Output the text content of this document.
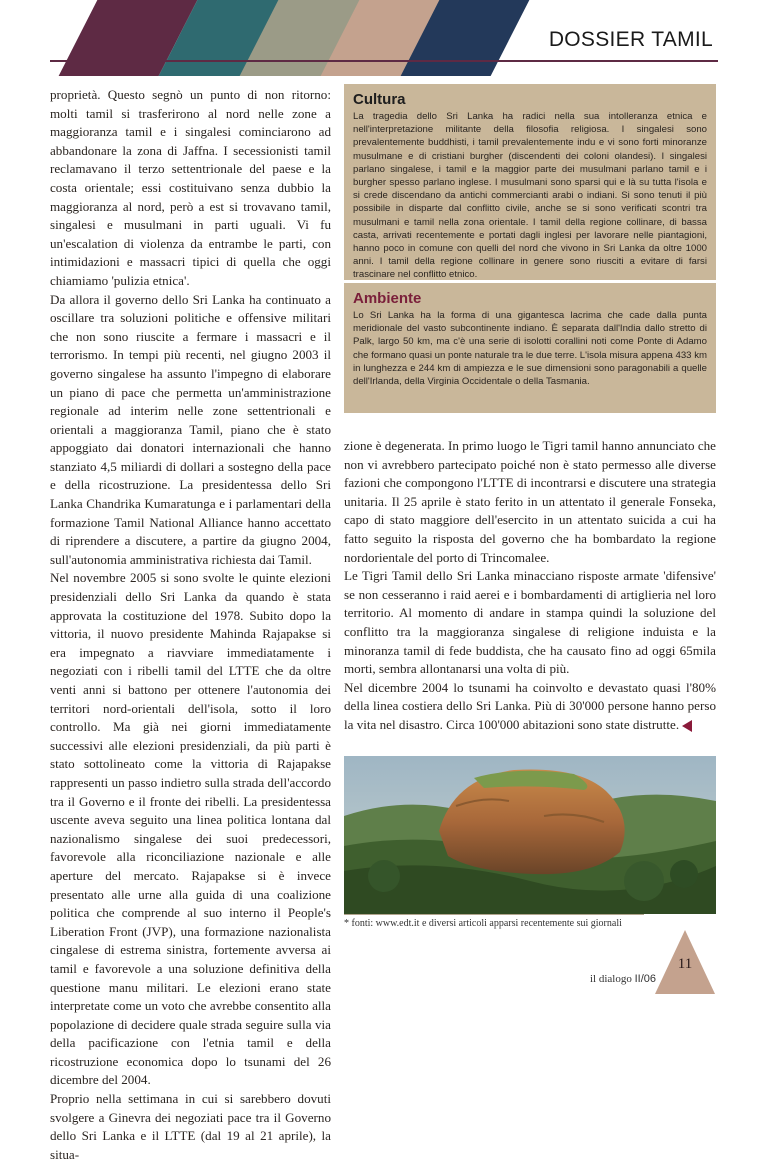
DOSSIER TAMIL

proprietà. Questo segnò un punto di non ritorno: molti tamil si trasferirono al nord nelle zone a maggioranza tamil e i singalesi cominciarono ad abbandonare la zona di Jaffna. I secessionisti tamil reclamavano il terzo settentrionale del paese e la costa orientale; essi costituivano senza dubbio la maggioranza al nord, però a est si trovavano tamil, singalesi e musulmani in parti uguali. Vi fu un'escalation di violenza da entrambe le parti, con intimidazioni e massacri tipici di quella che oggi chiamiamo 'pulizia etnica'.

Da allora il governo dello Sri Lanka ha continuato a oscillare tra soluzioni politiche e offensive militari che non sono riuscite a fermare i massacri e il terrorismo. In tempi più recenti, nel giugno 2003 il governo singalese ha assunto l'impegno di elaborare un piano di pace che permetta un'amministrazione regionale ad interim nelle zone settentrionali e orientali a maggioranza Tamil, piano che è stato appoggiato dai donatori internazionali che hanno stanziato 4,5 miliardi di dollari a sostegno della pace e della ricostruzione. La presidentessa dello Sri Lanka Chandrika Kumaratunga e i parlamentari della formazione Tamil National Alliance hanno accettato di riprendere a discutere, a partire da giugno 2004, sull'autonomia amministrativa richiesta dai Tamil.

Nel novembre 2005 si sono svolte le quinte elezioni presidenziali dello Sri Lanka da quando è stata approvata la costituzione del 1978. Subito dopo la vittoria, il nuovo presidente Mahinda Rajapakse si era impegnato a riavviare immediatamente i negoziati con i ribelli tamil del LTTE che da oltre venti anni si battono per ottenere l'autonomia dei territori nord-orientali dell'isola, sotto il loro controllo. Ma già nei giorni immediatamente successivi alle elezioni presidenziali, da più parti è stato sottolineato come la vittoria di Rajapakse rappresenti un passo indietro sulla strada dell'accordo tra il Governo e il fronte dei ribelli. La presidentessa uscente aveva seguito una linea politica lontana dal nazionalismo singalese dei suoi predecessori, favorevole alla riconciliazione nazionale e alle aperture del mercato. Rajapakse si è invece presentato alle urne alla guida di una coalizione politica che comprende al suo interno il People's Liberation Front (JVP), una formazione nazionalista cingalese di estrema sinistra, fortemente avversa ai tamil e favorevole a una soluzione definitiva della questione manu militari. Le elezioni erano state interpretate come un voto che avrebbe consentito alla popolazione di decidere quale strada seguire sulla via della pacificazione con l'etnia tamil e della ricostruzione economica dopo lo tsunami del 26 dicembre del 2004.

Proprio nella settimana in cui si sarebbero dovuti svolgere a Ginevra dei negoziati pace tra il Governo dello Sri Lanka e il LTTE (dal 19 al 21 aprile), la situa-

Cultura
La tragedia dello Sri Lanka ha radici nella sua intolleranza etnica e nell'interpretazione militante della filosofia religiosa. I singalesi sono prevalentemente buddhisti, i tamil prevalentemente indu e vi sono forti minoranze musulmane e di cristiani burgher (discendenti dei coloni olandesi). I singalesi parlano singalese, i tamil e la maggior parte dei musulmani parlano tamil e i burgher spesso parlano inglese. I musulmani sono sparsi qui e là su tutta l'isola e si crede discendano da antichi commercianti arabi o indiani. Si sono tenuti il più possibile in disparte dal conflitto civile, anche se si sono verificati scontri tra musulmani e tamil nella zona orientale. I tamil della regione collinare, di bassa casta, arrivati recentemente e portati dagli inglesi per lavorare nelle piantagioni, hanno poco in comune con quelli del nord che vivono in Sri Lanka da oltre 1000 anni. I tamil della regione collinare in genere sono riusciti a evitare di farsi trascinare nel conflitto etnico.
Ambiente
Lo Sri Lanka ha la forma di una gigantesca lacrima che cade dalla punta meridionale del vasto subcontinente indiano. È separata dall'India dallo stretto di Palk, largo 50 km, ma c'è una serie di isolotti corallini noti come Ponte di Adamo che formano quasi un ponte naturale tra le due terre. L'isola misura appena 433 km in lunghezza e 244 km di ampiezza e le sue dimensioni sono paragonabili a quelle dell'Irlanda, della Virginia Occidentale o della Tasmania.

zione è degenerata. In primo luogo le Tigri tamil hanno annunciato che non vi avrebbero partecipato poiché non è stato permesso alle diverse fazioni che compongono l'LTTE di incontrarsi e discutere una strategia unitaria. Il 25 aprile è stato ferito in un attentato il generale Fonseka, capo di stato maggiore dell'esercito in un attentato suicida a cui ha fatto seguito la risposta del governo che ha bombardato la regione nordorientale del porto di Trincomalee.

Le Tigri Tamil dello Sri Lanka minacciano risposte armate 'difensive' se non cesseranno i raid aerei e i bombardamenti di artiglieria nel loro territorio. Al momento di andare in stampa quindi la soluzione del conflitto tra la maggioranza singalese di religione induista e la minoranza tamil di fede buddista, che ha causato fino ad oggi 65mila morti, sembra allontanarsi una volta di più.

Nel dicembre 2004 lo tsunami ha coinvolto e devastato quasi l'80% della linea costiera dello Sri Lanka. Più di 30'000 persone hanno perso la vita nel disastro. Circa 100'000 abitazioni sono state distrutte.

* fonti: www.edt.it e diversi articoli apparsi recentemente sui giornali
il dialogo II/06
11
